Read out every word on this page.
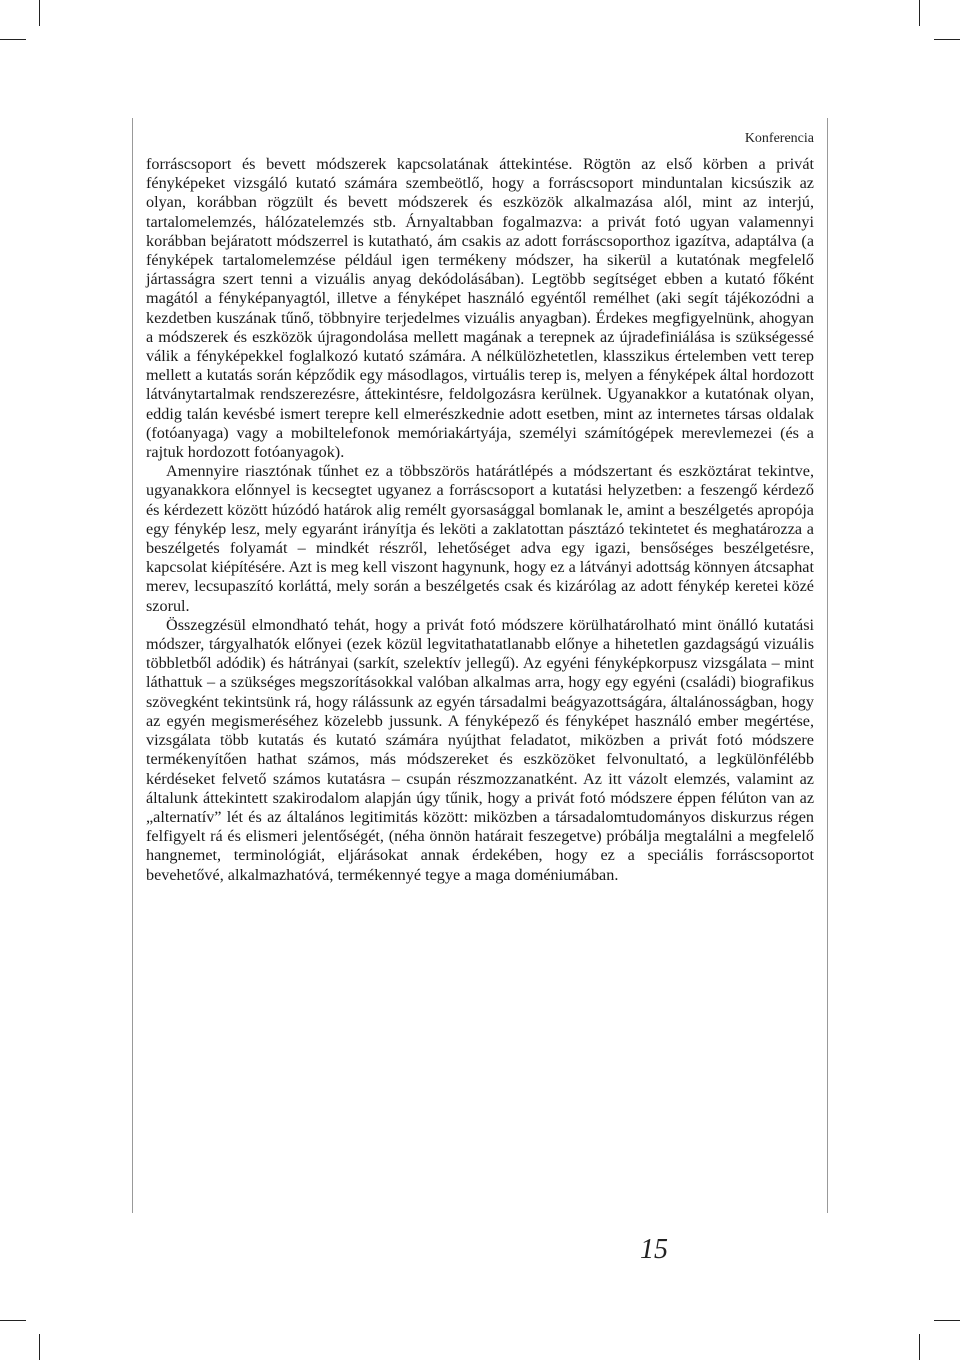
Konferencia

forráscsoport és bevett módszerek kapcsolatának áttekintése. Rögtön az első körben a privát fényképeket vizsgáló kutató számára szembeötlő, hogy a forráscsoport minduntalan kicsúszik az olyan, korábban rögzült és bevett módszerek és eszközök alkalmazása alól, mint az interjú, tartalomelemzés, hálózatelemzés stb. Árnyaltabban fogalmazva: a privát fotó ugyan valamennyi korábban bejáratott módszerrel is kutatható, ám csakis az adott forráscsoporthoz igazítva, adaptálva (a fényképek tartalomelemzése például igen termékeny módszer, ha sikerül a kutatónak megfelelő jártasságra szert tenni a vizuális anyag dekódolásában). Legtöbb segítséget ebben a kutató főként magától a fényképanyagtól, illetve a fényképet használó egyéntől remélhet (aki segít tájékozódni a kezdetben kuszának tűnő, többnyire terjedelmes vizuális anyagban). Érdekes megfigyelnünk, ahogyan a módszerek és eszközök újragondolása mellett magának a terepnek az újradefiniálása is szükségessé válik a fényképekkel foglalkozó kutató számára. A nélkülözhetetlen, klasszikus értelemben vett terep mellett a kutatás során képződik egy másodlagos, virtuális terep is, melyen a fényképek által hordozott látványtartalmak rendszerezésre, áttekintésre, feldolgozásra kerülnek. Ugyanakkor a kutatónak olyan, eddig talán kevésbé ismert terepre kell elmerészkednie adott esetben, mint az internetes társas oldalak (fotóanyaga) vagy a mobiltelefonok memóriakártyája, személyi számítógépek merevlemezei (és a rajtuk hordozott fotóanyagok).

Amennyire riasztónak tűnhet ez a többszörös határátlépés a módszertant és eszköztárat tekintve, ugyanakkora előnnyel is kecsegtet ugyanez a forráscsoport a kutatási helyzetben: a feszengő kérdező és kérdezett között húzódó határok alig remélt gyorsasággal bomlanak le, amint a beszélgetés apropója egy fénykép lesz, mely egyaránt irányítja és leköti a zaklatottan pásztázó tekintetet és meghatározza a beszélgetés folyamát – mindkét részről, lehetőséget adva egy igazi, bensőséges beszélgetésre, kapcsolat kiépítésére. Azt is meg kell viszont hagynunk, hogy ez a látványi adottság könnyen átcsaphat merev, lecsupaszító korláttá, mely során a beszélgetés csak és kizárólag az adott fénykép keretei közé szorul.

Összegzésül elmondható tehát, hogy a privát fotó módszere körülhatárolható mint önálló kutatási módszer, tárgyalhatók előnyei (ezek közül legvitathatatlanabb előnye a hihetetlen gazdagságú vizuális többletből adódik) és hátrányai (sarkít, szelektív jellegű). Az egyéni fényképkorpusz vizsgálata – mint láthattuk – a szükséges megszorításokkal valóban alkalmas arra, hogy egy egyéni (családi) biografikus szövegként tekintsünk rá, hogy rálássunk az egyén társadalmi beágyazottságára, általánosságban, hogy az egyén megismeréséhez közelebb jussunk. A fényképező és fényképet használó ember megértése, vizsgálata több kutatás és kutató számára nyújthat feladatot, miközben a privát fotó módszere termékenyítően hathat számos, más módszereket és eszközöket felvonultató, a legkülönfélébb kérdéseket felvető számos kutatásra – csupán részmozzanatként. Az itt vázolt elemzés, valamint az általunk áttekintett szakirodalom alapján úgy tűnik, hogy a privát fotó módszere éppen félúton van az „alternatív” lét és az általános legitimitás között: miközben a társadalomtudományos diskurzus régen felfigyelt rá és elismeri jelentőségét, (néha önnön határait feszegetve) próbálja megtalálni a megfelelő hangnemet, terminológiát, eljárásokat annak érdekében, hogy ez a speciális forráscsoportot bevehetővé, alkalmazhatóvá, termékennyé tegye a maga doméniumában.

15
